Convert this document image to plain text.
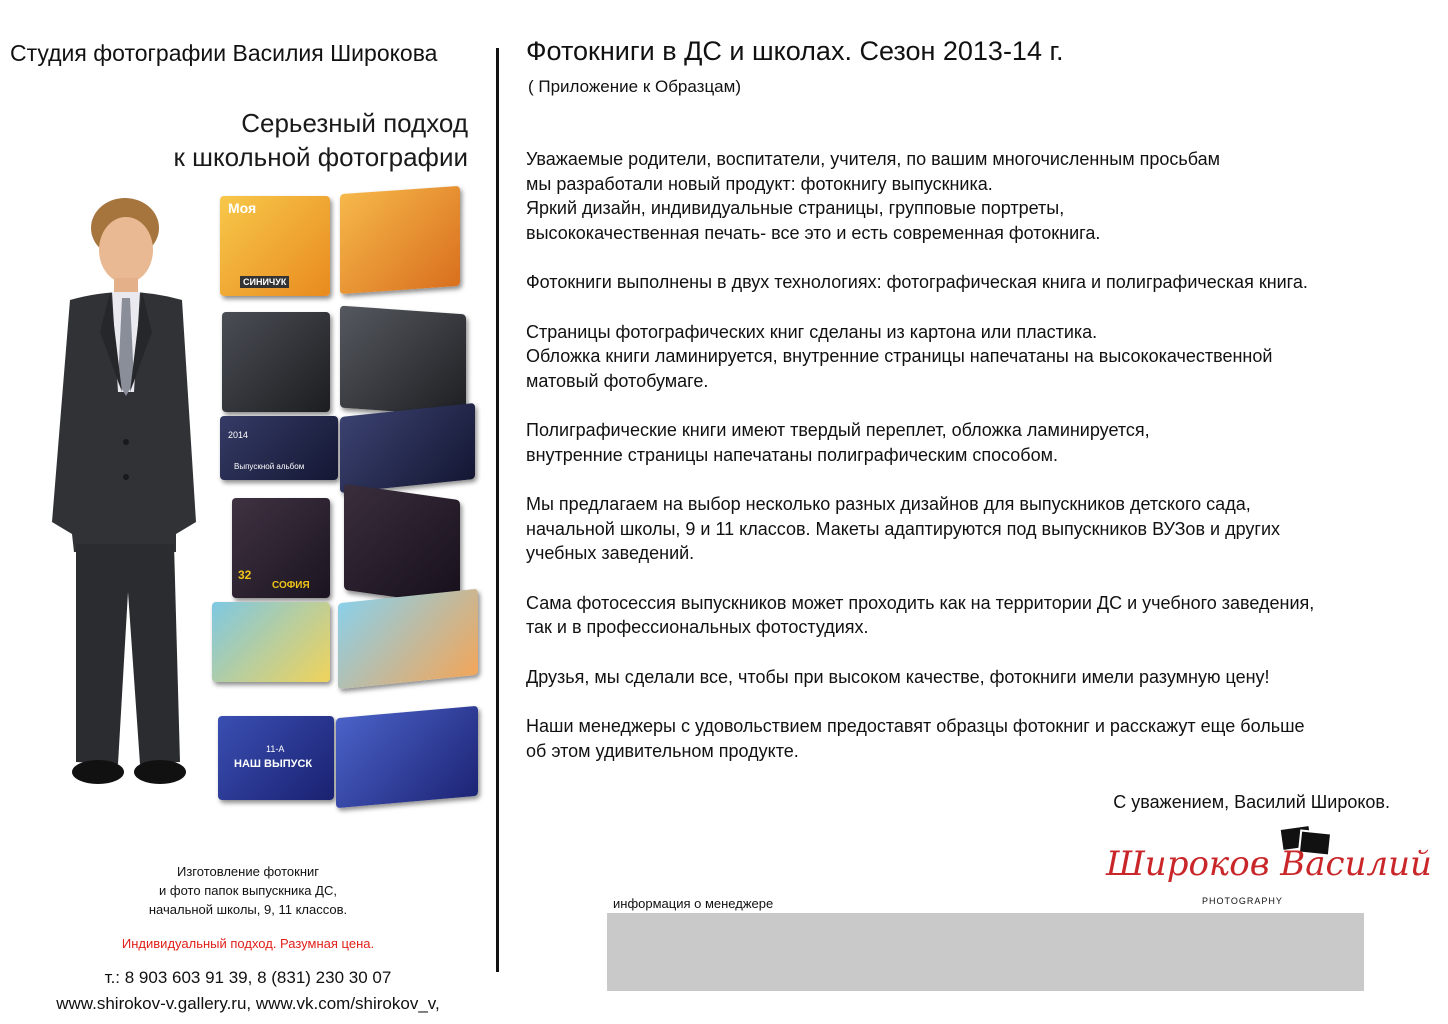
Студия фотографии Василия Широкова
Серьезный подход
к школьной фотографии
Фотокниги в ДС и школах. Сезон 2013-14 г.
( Приложение к Образцам)
Моя
СИНИЧУК
2014
Выпускной альбом
32
СОФИЯ
11-А
НАШ ВЫПУСК

Уважаемые родители, воспитатели, учителя, по вашим многочисленным просьбам
мы разработали новый продукт: фотокнигу выпускника.
Яркий дизайн, индивидуальные страницы, групповые портреты,
высококачественная печать- все это и есть современная фотокнига.

Фотокниги выполнены в двух технологиях: фотографическая книга и полиграфическая книга.

Страницы фотографических книг сделаны из картона или пластика.
Обложка книги ламинируется, внутренние страницы напечатаны на высококачественной
матовый фотобумаге.

Полиграфические книги имеют твердый переплет, обложка ламинируется,
внутренние страницы напечатаны полиграфическим способом.

Мы предлагаем на выбор несколько разных дизайнов для выпускников детского сада,
начальной школы, 9 и 11 классов. Макеты адаптируются под выпускников ВУЗов и других
учебных заведений.

Сама фотосессия выпускников может проходить как на территории ДС и учебного заведения,
так и в профессиональных фотостудиях.

Друзья, мы сделали все, чтобы при высоком качестве, фотокниги имели разумную цену!

Наши менеджеры с удовольствием предоставят образцы фотокниг и расскажут еще больше
об этом удивительном продукте.

С уважением, Василий Широков.
Широков Василий
PHOTOGRAPHY
Изготовление фотокниг
и фото папок выпускника ДС,
начальной школы, 9, 11 классов.
Индивидуальный подход. Разумная цена.
т.: 8 903 603 91 39, 8 (831) 230 30 07
www.shirokov-v.gallery.ru, www.vk.com/shirokov_v,
информация о менеджере
